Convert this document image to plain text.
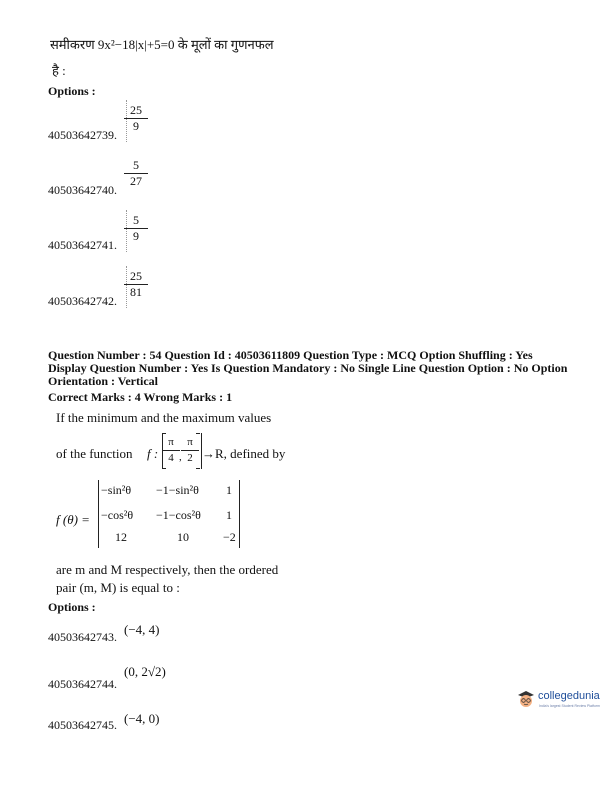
समीकरण 9x²−18|x|+5=0 के मूलों का गुणनफल
है :
Options :
40503642739.
25
9
40503642740.
5
27
40503642741.
5
9
40503642742.
25
81
Question Number : 54 Question Id : 40503611809 Question Type : MCQ Option Shuffling : Yes
Display Question Number : Yes Is Question Mandatory : No Single Line Question Option : No Option
Orientation : Vertical
Correct Marks : 4 Wrong Marks : 1
If the minimum and the maximum values
of the function f :
π
4 ,
π
2 →R, defined by
f (θ) =
−sin²θ −1−sin²θ 1
−cos²θ −1−cos²θ 1
12	10	−2
are m and M respectively, then the ordered
pair (m, M) is equal to :
Options :
40503642743. (−4, 4)
40503642744.
(0, 2√2)
40503642745. (−4, 0)
collegedunia
India's largest Student Review Platform
